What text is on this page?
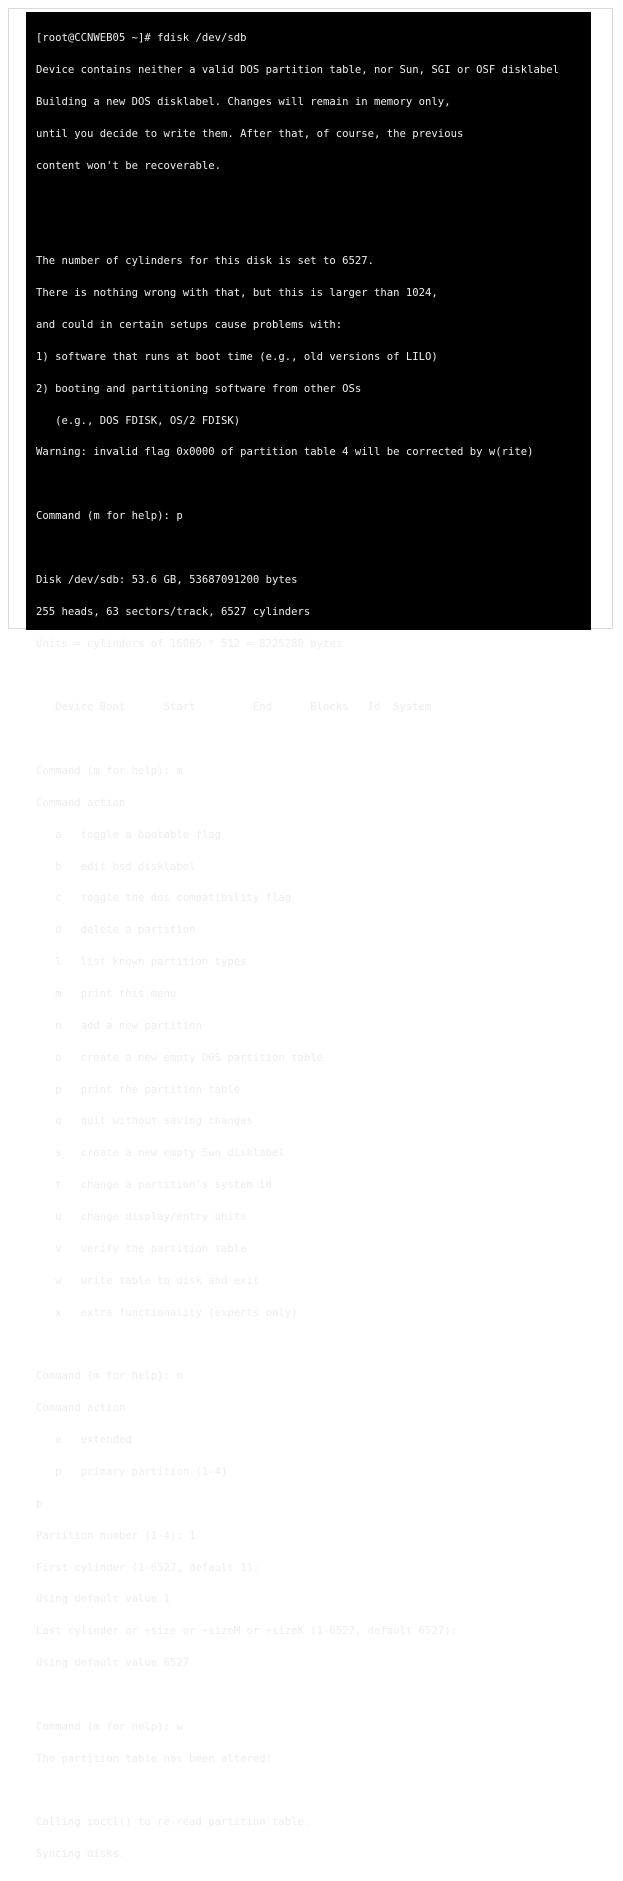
[root@CCNWEB05 ~]# fdisk /dev/sdb

Device contains neither a valid DOS partition table, nor Sun, SGI or OSF disklabel

Building a new DOS disklabel. Changes will remain in memory only,

until you decide to write them. After that, of course, the previous

content won't be recoverable.

The number of cylinders for this disk is set to 6527.

There is nothing wrong with that, but this is larger than 1024,

and could in certain setups cause problems with:

1) software that runs at boot time (e.g., old versions of LILO)

2) booting and partitioning software from other OSs

(e.g., DOS FDISK, OS/2 FDISK)

Warning: invalid flag 0x0000 of partition table 4 will be corrected by w(rite)

Command (m for help): p

Disk /dev/sdb: 53.6 GB, 53687091200 bytes

255 heads, 63 sectors/track, 6527 cylinders

Units = cylinders of 16065 * 512 = 8225280 bytes

Device Boot      Start         End      Blocks   Id  System

Command (m for help): m

Command action

a   toggle a bootable flag

b   edit bsd disklabel

c   toggle the dos compatibility flag

d   delete a partition

l   list known partition types

m   print this menu

n   add a new partition

o   create a new empty DOS partition table

p   print the partition table

q   quit without saving changes

s   create a new empty Sun disklabel

t   change a partition's system id

u   change display/entry units

v   verify the partition table

w   write table to disk and exit

x   extra functionality (experts only)

Command (m for help): n

Command action

e   extended

p   primary partition (1-4)

p

Partition number (1-4): 1

First cylinder (1-6527, default 1):

Using default value 1

Last cylinder or +size or +sizeM or +sizeK (1-6527, default 6527):

Using default value 6527

Command (m for help): w

The partition table has been altered!

Calling ioctl() to re-read partition table.

Syncing disks.
